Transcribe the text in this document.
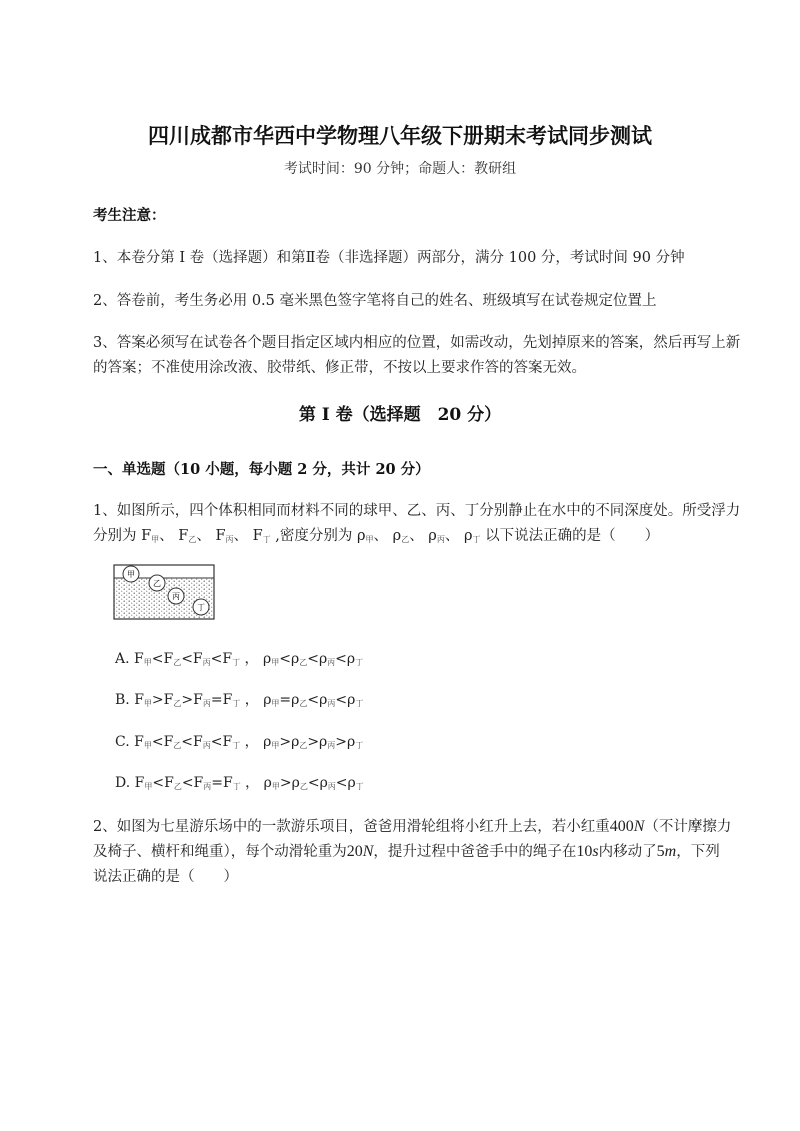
四川成都市华西中学物理八年级下册期末考试同步测试
考试时间：90 分钟；命题人：教研组
考生注意：
1、本卷分第 I 卷（选择题）和第Ⅱ卷（非选择题）两部分，满分 100 分，考试时间 90 分钟
2、答卷前，考生务必用 0.5 毫米黑色签字笔将自己的姓名、班级填写在试卷规定位置上
3、答案必须写在试卷各个题目指定区域内相应的位置，如需改动，先划掉原来的答案，然后再写上新
的答案；不准使用涂改液、胶带纸、修正带，不按以上要求作答的答案无效。
第 I 卷（选择题　20 分）
一、单选题（10 小题，每小题 2 分，共计 20 分）
1、如图所示，四个体积相同而材料不同的球甲、乙、丙、丁分别静止在水中的不同深度处。所受浮力
分别为 $F_甲$、 $F_乙$、 $F_丙$、 $F_丁$ ,密度分别为 $\rho_甲$、 $\rho_乙$、 $\rho_丙$、 $\rho_丁$ 以下说法正确的是（　　）
甲
乙
丙
丁
A. $F_甲<F_乙<F_丙<F_丁$ ， $\rho_甲<\rho_乙<\rho_丙<\rho_丁$
B. $F_甲>F_乙>F_丙=F_丁$ ， $\rho_甲=\rho_乙<\rho_丙<\rho_丁$
C. $F_甲<F_乙<F_丙<F_丁$ ， $\rho_甲>\rho_乙>\rho_丙>\rho_丁$
D. $F_甲<F_乙<F_丙=F_丁$ ， $\rho_甲>\rho_乙<\rho_丙<\rho_丁$
2、如图为七星游乐场中的一款游乐项目，爸爸用滑轮组将小红升上去，若小红重400N（不计摩擦力
及椅子、横杆和绳重），每个动滑轮重为20N，提升过程中爸爸手中的绳子在10s内移动了5m，下列
说法正确的是（　　）
